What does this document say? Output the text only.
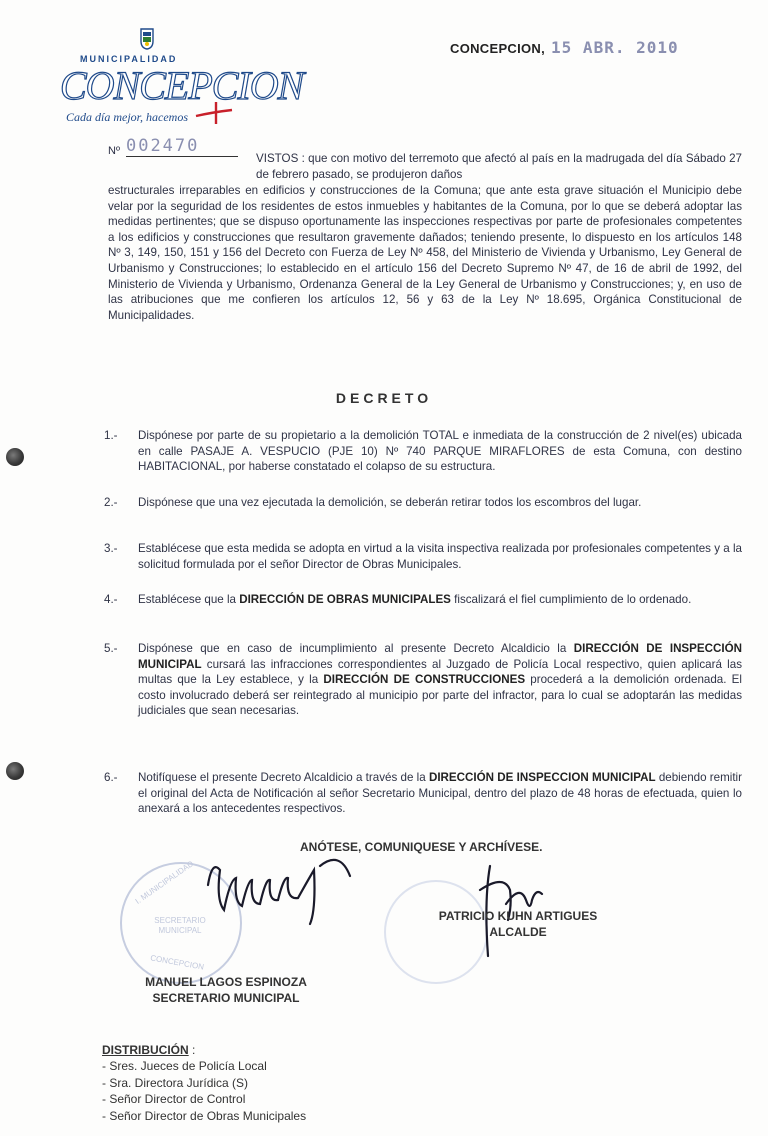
MUNICIPALIDAD
CONCEPCION
Cada día mejor, hacemos
CONCEPCION, 15 ABR. 2010
Nº 002470
VISTOS : que con motivo del terremoto que afectó al país en la madrugada del día Sábado 27 de febrero pasado, se produjeron daños
estructurales irreparables en edificios y construcciones de la Comuna; que ante esta grave situación el Municipio debe velar por la seguridad de los residentes de estos inmuebles y habitantes de la Comuna, por lo que se deberá adoptar las medidas pertinentes; que se dispuso oportunamente las inspecciones respectivas por parte de profesionales competentes a los edificios y construcciones que resultaron gravemente dañados; teniendo presente, lo dispuesto en los artículos 148 Nº 3, 149, 150, 151 y 156 del Decreto con Fuerza de Ley Nº 458, del Ministerio de Vivienda y Urbanismo, Ley General de Urbanismo y Construcciones; lo establecido en el artículo 156 del Decreto Supremo Nº 47, de 16 de abril de 1992, del Ministerio de Vivienda y Urbanismo, Ordenanza General de la Ley General de Urbanismo y Construcciones; y, en uso de las atribuciones que me confieren los artículos 12, 56 y 63 de la Ley Nº 18.695, Orgánica Constitucional de Municipalidades.
DECRETO
1.-	Dispónese por parte de su propietario a la demolición TOTAL e inmediata de la construcción de 2 nivel(es) ubicada en calle PASAJE A. VESPUCIO (PJE 10) Nº 740 PARQUE MIRAFLORES de esta Comuna, con destino HABITACIONAL, por haberse constatado el colapso de su estructura.
2.-	Dispónese que una vez ejecutada la demolición, se deberán retirar todos los escombros del lugar.
3.-	Establécese que esta medida se adopta en virtud a la visita inspectiva realizada por profesionales competentes y a la solicitud formulada por el señor Director de Obras Municipales.
4.-	Establécese que la DIRECCIÓN DE OBRAS MUNICIPALES fiscalizará el fiel cumplimiento de lo ordenado.
5.-	Dispónese que en caso de incumplimiento al presente Decreto Alcaldicio la DIRECCIÓN DE INSPECCIÓN MUNICIPAL cursará las infracciones correspondientes al Juzgado de Policía Local respectivo, quien aplicará las multas que la Ley establece, y la DIRECCIÓN DE CONSTRUCCIONES procederá a la demolición ordenada. El costo involucrado deberá ser reintegrado al municipio por parte del infractor, para lo cual se adoptarán las medidas judiciales que sean necesarias.
6.-	Notifíquese el presente Decreto Alcaldicio a través de la DIRECCIÓN DE INSPECCION MUNICIPAL debiendo remitir el original del Acta de Notificación al señor Secretario Municipal, dentro del plazo de 48 horas de efectuada, quien lo anexará a los antecedentes respectivos.
ANÓTESE, COMUNIQUESE Y ARCHÍVESE.
I. MUNICIPALIDAD
SECRETARIO MUNICIPAL
CONCEPCION
PATRICIO KUHN ARTIGUES
ALCALDE
MANUEL LAGOS ESPINOZA
SECRETARIO MUNICIPAL
DISTRIBUCIÓN :
- Sres. Jueces de Policía Local
- Sra. Directora Jurídica (S)
- Señor Director de Control
- Señor Director de Obras Municipales
